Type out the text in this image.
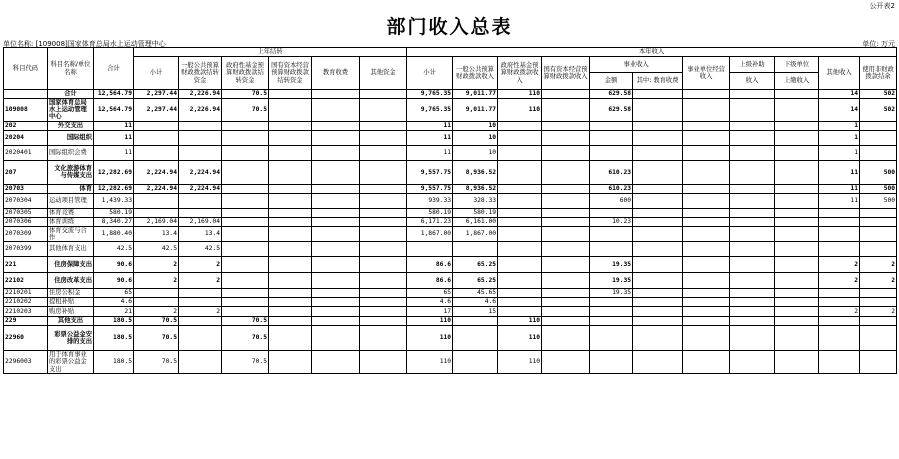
公开表2
部门收入总表
单位名称: [109008]国家体育总局水上运动管理中心	单位: 万元
科目代码	科目名称/单位名称	合计	上年结转						本年收入										
			小计	一般公共预算财政拨款结转资金	政府性基金预算财政拨款结转资金	国有资本经营预算财政拨款结转资金	教育收费	其他资金	小计	一般公共预算财政拨款收入	政府性基金预算财政拨款收入	国有资本经营预算财政拨款收入	事业收入		事业单位经营收入	上级补助	下级单位	其他收入	使用非财政拨款结余
													金额	其中: 教育收费		收入	上缴收入		
	合计	12,564.79	2,297.44	2,226.94	70.5				9,765.35	9,011.77	110		629.58					14	502
109008	国家体育总局水上运动管理中心	12,564.79	2,297.44	2,226.94	70.5				9,765.35	9,011.77	110		629.58					14	502
202	外交支出	11							11	10								1	
20204	国际组织	11							11	10								1	
2020401	国际组织会费	11							11	10								1	
207	文化旅游体育与传媒支出	12,282.69	2,224.94	2,224.94					9,557.75	8,936.52			610.23					11	500
20703	体育	12,282.69	2,224.94	2,224.94					9,557.75	8,936.52			610.23					11	500
2070304	运动项目管理	1,439.33							939.33	328.33			600					11	500
2070305	体育竞赛	580.19							580.19	580.19									
2070306	体育训练	8,340.27	2,169.04	2,169.04					6,171.23	6,161.00			10.23						
2070309	体育交流与合作	1,880.40	13.4	13.4					1,867.00	1,867.00									
2070399	其他体育支出	42.5	42.5	42.5															
221	住房保障支出	90.6	2	2					86.6	65.25			19.35					2	2
22102	住房改革支出	90.6	2	2					86.6	65.25			19.35					2	2
2210201	住房公积金	65							65	45.65			19.35						
2210202	提租补贴	4.6							4.6	4.6									
2210203	购房补贴	21	2	2					17	15								2	2
229	其他支出	180.5	70.5		70.5				110		110								
22960	彩票公益金安排的支出	180.5	70.5		70.5				110		110								
2296003	用于体育事业的彩票公益金支出	180.5	70.5		70.5				110		110								
